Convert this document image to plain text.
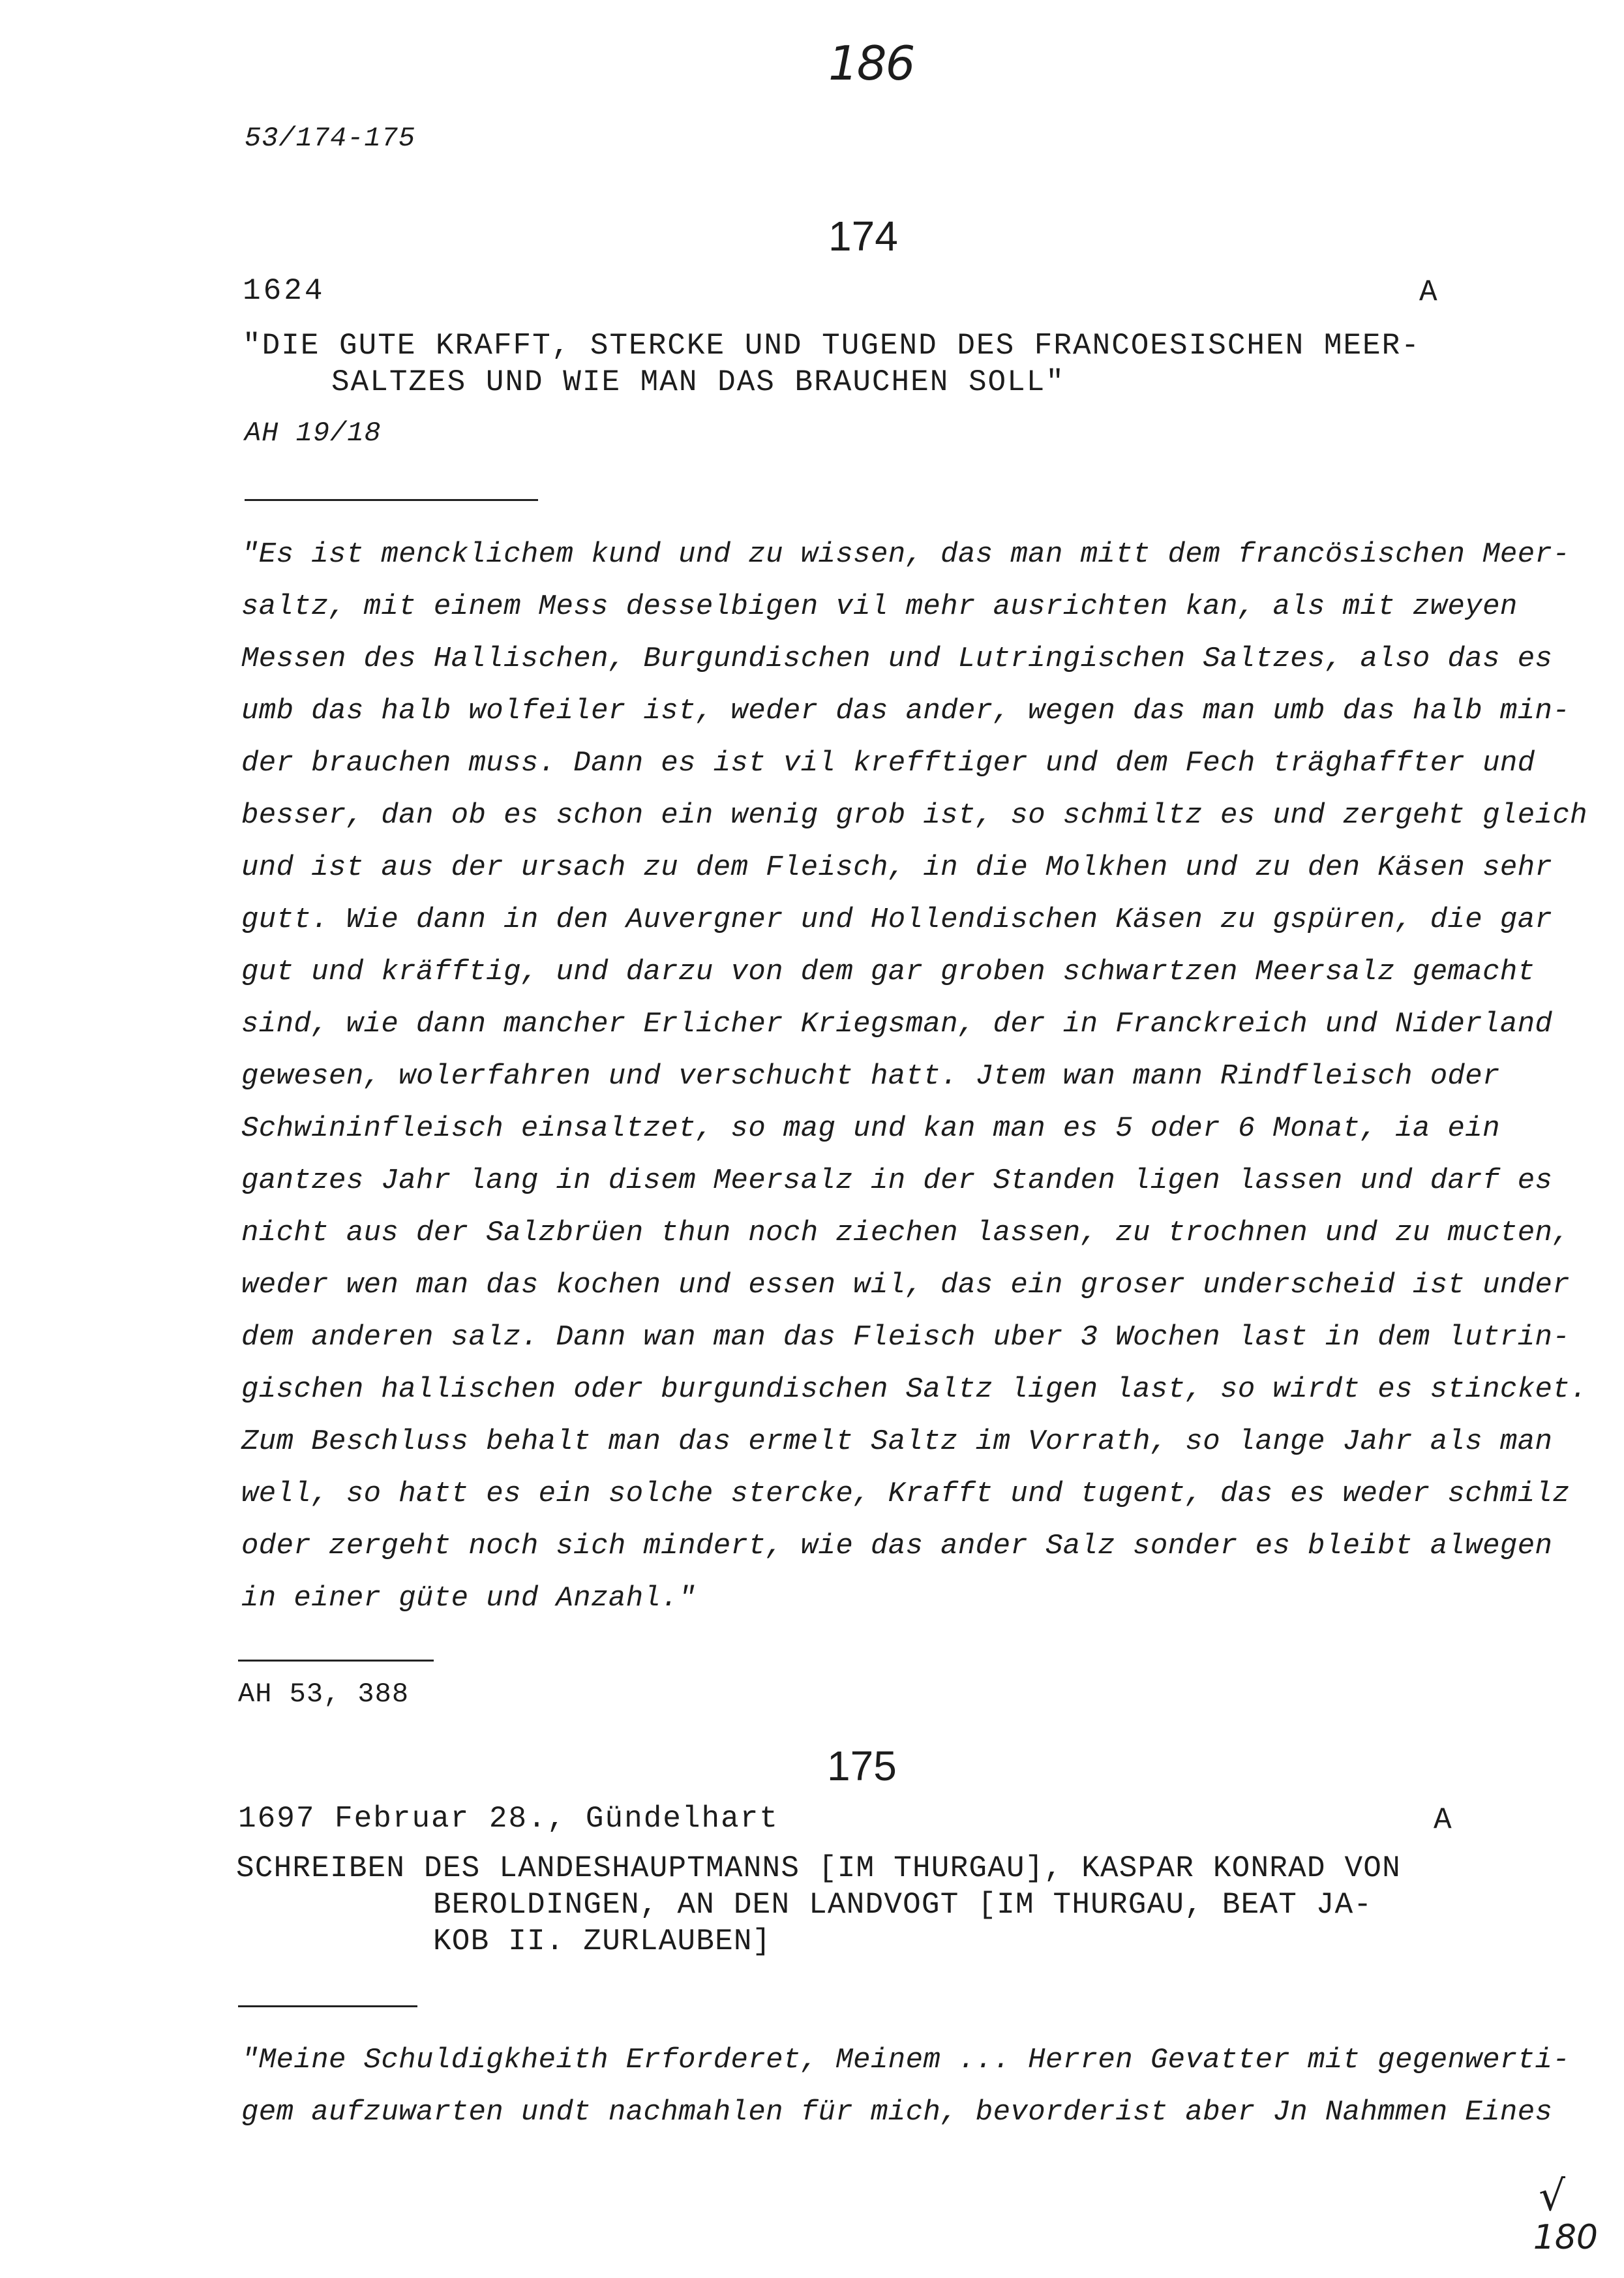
186
53/174-175
174
1624	A
"DIE GUTE KRAFFT, STERCKE UND TUGEND DES FRANCOESISCHEN MEER-
SALTZES UND WIE MAN DAS BRAUCHEN SOLL"
AH 19/18
"Es ist mencklichem kund und zu wissen, das man mitt dem francösischen Meer-
saltz, mit einem Mess desselbigen vil mehr ausrichten kan, als mit zweyen
Messen des Hallischen, Burgundischen und Lutringischen Saltzes, also das es
umb das halb wolfeiler ist, weder das ander, wegen das man umb das halb min-
der brauchen muss. Dann es ist vil krefftiger und dem Fech träghaffter und
besser, dan ob es schon ein wenig grob ist, so schmiltz es und zergeht gleich
und ist aus der ursach zu dem Fleisch, in die Molkhen und zu den Käsen sehr
gutt. Wie dann in den Auvergner und Hollendischen Käsen zu gspüren, die gar
gut und kräfftig, und darzu von dem gar groben schwartzen Meersalz gemacht
sind, wie dann mancher Erlicher Kriegsman, der in Franckreich und Niderland
gewesen, wolerfahren und verschucht hatt. Jtem wan mann Rindfleisch oder
Schwininfleisch einsaltzet, so mag und kan man es 5 oder 6 Monat, ia ein
gantzes Jahr lang in disem Meersalz in der Standen ligen lassen und darf es
nicht aus der Salzbrüen thun noch ziechen lassen, zu trochnen und zu mucten,
weder wen man das kochen und essen wil, das ein groser underscheid ist under
dem anderen salz. Dann wan man das Fleisch uber 3 Wochen last in dem lutrin-
gischen hallischen oder burgundischen Saltz ligen last, so wirdt es stincket.
Zum Beschluss behalt man das ermelt Saltz im Vorrath, so lange Jahr als man
well, so hatt es ein solche stercke, Krafft und tugent, das es weder schmilz
oder zergeht noch sich mindert, wie das ander Salz sonder es bleibt alwegen
in einer güte und Anzahl."
AH 53, 388
175
1697 Februar 28., Gündelhart	A
SCHREIBEN DES LANDESHAUPTMANNS [IM THURGAU], KASPAR KONRAD VON
BEROLDINGEN, AN DEN LANDVOGT [IM THURGAU, BEAT JA-
KOB II. ZURLAUBEN]
"Meine Schuldigkheith Erforderet, Meinem ... Herren Gevatter mit gegenwerti-
gem aufzuwarten undt nachmahlen für mich, bevorderist aber Jn Nahmmen Eines
√
180
